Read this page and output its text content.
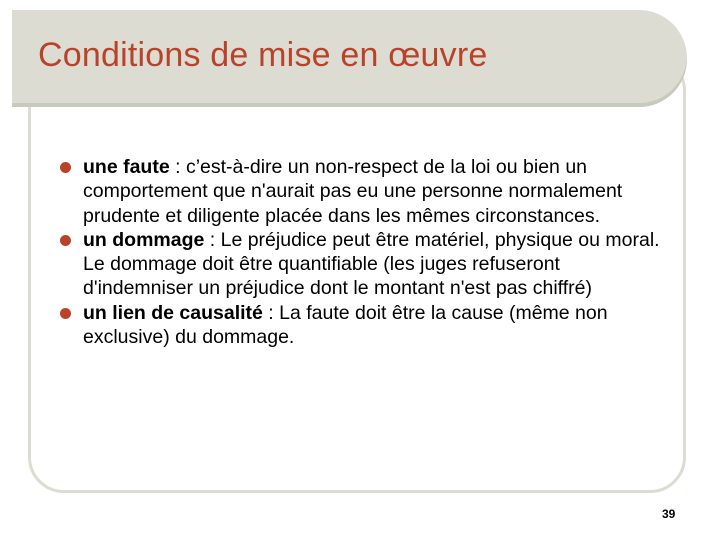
Conditions de mise en œuvre
une faute : c’est-à-dire un non-respect de la loi ou bien un comportement que n'aurait pas eu une personne normalement prudente et diligente placée dans les mêmes circonstances.
un dommage : Le préjudice peut être matériel, physique ou moral. Le dommage doit être quantifiable (les juges refuseront d'indemniser un préjudice dont le montant n'est pas chiffré)
un lien de causalité : La faute doit être la cause (même non exclusive) du dommage.
39
